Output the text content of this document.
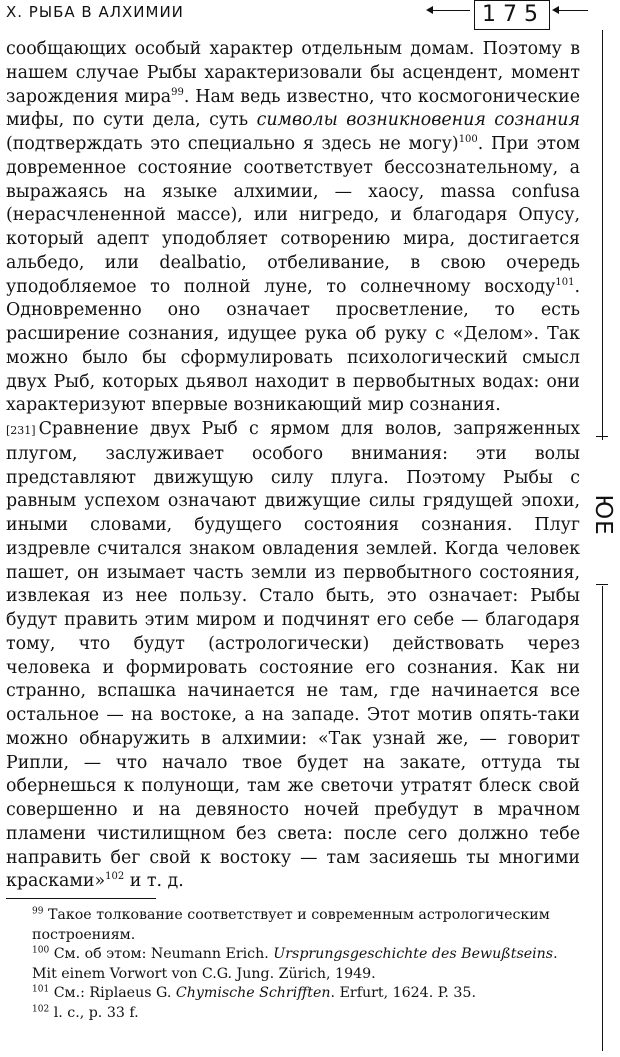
X. РЫБА В АЛХИМИИ	175
ЮЕ

сообщающих особый характер отдельным домам. Поэтому в нашем случае Рыбы характеризовали бы асцендент, момент зарождения мира$^{99}$. Нам ведь известно, что космогонические мифы, по сути дела, суть символы возникновения сознания (подтверждать это специально я здесь не могу)$^{100}$. При этом довременное состояние соответствует бессознательному, а выражаясь на языке алхимии, — хаосу, massa confusa (нерасчлененной массе), или нигредо, и благодаря Опусу, который адепт уподобляет сотворению мира, достигается альбедо, или dealbatio, отбеливание, в свою очередь уподобляемое то полной луне, то солнечному восходу$^{101}$. Одновременно оно означает просветление, то есть расширение сознания, идущее рука об руку с «Делом». Так можно было бы сформулировать психологический смысл двух Рыб, которых дьявол находит в первобытных водах: они характеризуют впервые возникающий мир сознания.

[231] Сравнение двух Рыб с ярмом для волов, запряженных плугом, заслуживает особого внимания: эти волы представляют движущую силу плуга. Поэтому Рыбы с равным успехом означают движущие силы грядущей эпохи, иными словами, будущего состояния сознания. Плуг издревле считался знаком овладения землей. Когда человек пашет, он изымает часть земли из первобытного состояния, извлекая из нее пользу. Стало быть, это означает: Рыбы будут править этим миром и подчинят его себе — благодаря тому, что будут (астрологически) действовать через человека и формировать состояние его сознания. Как ни странно, вспашка начинается не там, где начинается все остальное — на востоке, а на западе. Этот мотив опять-таки можно обнаружить в алхимии: «Так узнай же, — говорит Рипли, — что начало твое будет на закате, оттуда ты обернешься к полунощи, там же светочи утратят блеск свой совершенно и на девяносто ночей пребудут в мрачном пламени чистилищном без света: после сего должно тебе направить бег свой к востоку — там засияешь ты многими красками»$^{102}$ и т. д.

$^{99}$ Такое толкование соответствует и современным астрологическим построениям.

$^{100}$ См. об этом: Neumann Erich. Ursprungsgeschichte des Bewußtseins. Mit einem Vorwort von C.G. Jung. Zürich, 1949.

$^{101}$ См.: Riplaeus G. Chymische Schrifften. Erfurt, 1624. P. 35.

$^{102}$ l. c., p. 33 f.
